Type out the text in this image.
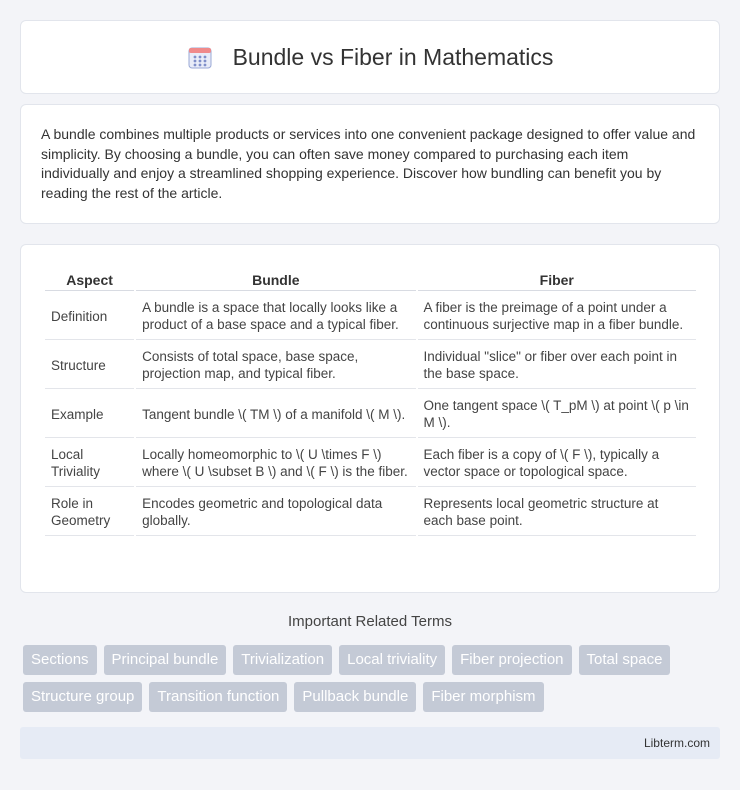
Bundle vs Fiber in Mathematics

A bundle combines multiple products or services into one convenient package designed to offer value and simplicity. By choosing a bundle, you can often save money compared to purchasing each item individually and enjoy a streamlined shopping experience. Discover how bundling can benefit you by reading the rest of the article.

Aspect	Bundle	Fiber
Definition	A bundle is a space that locally looks like a product of a base space and a typical fiber.	A fiber is the preimage of a point under a continuous surjective map in a fiber bundle.
Structure	Consists of total space, base space, projection map, and typical fiber.	Individual "slice" or fiber over each point in the base space.
Example	Tangent bundle \( TM \) of a manifold \( M \).	One tangent space \( T_pM \) at point \( p \in M \).
Local Triviality	Locally homeomorphic to \( U \times F \) where \( U \subset B \) and \( F \) is the fiber.	Each fiber is a copy of \( F \), typically a vector space or topological space.
Role in Geometry	Encodes geometric and topological data globally.	Represents local geometric structure at each base point.
Important Related Terms
Sections	Principal bundle	Trivialization	Local triviality	Fiber projection	Total space
Structure group	Transition function	Pullback bundle	Fiber morphism
Libterm.com
